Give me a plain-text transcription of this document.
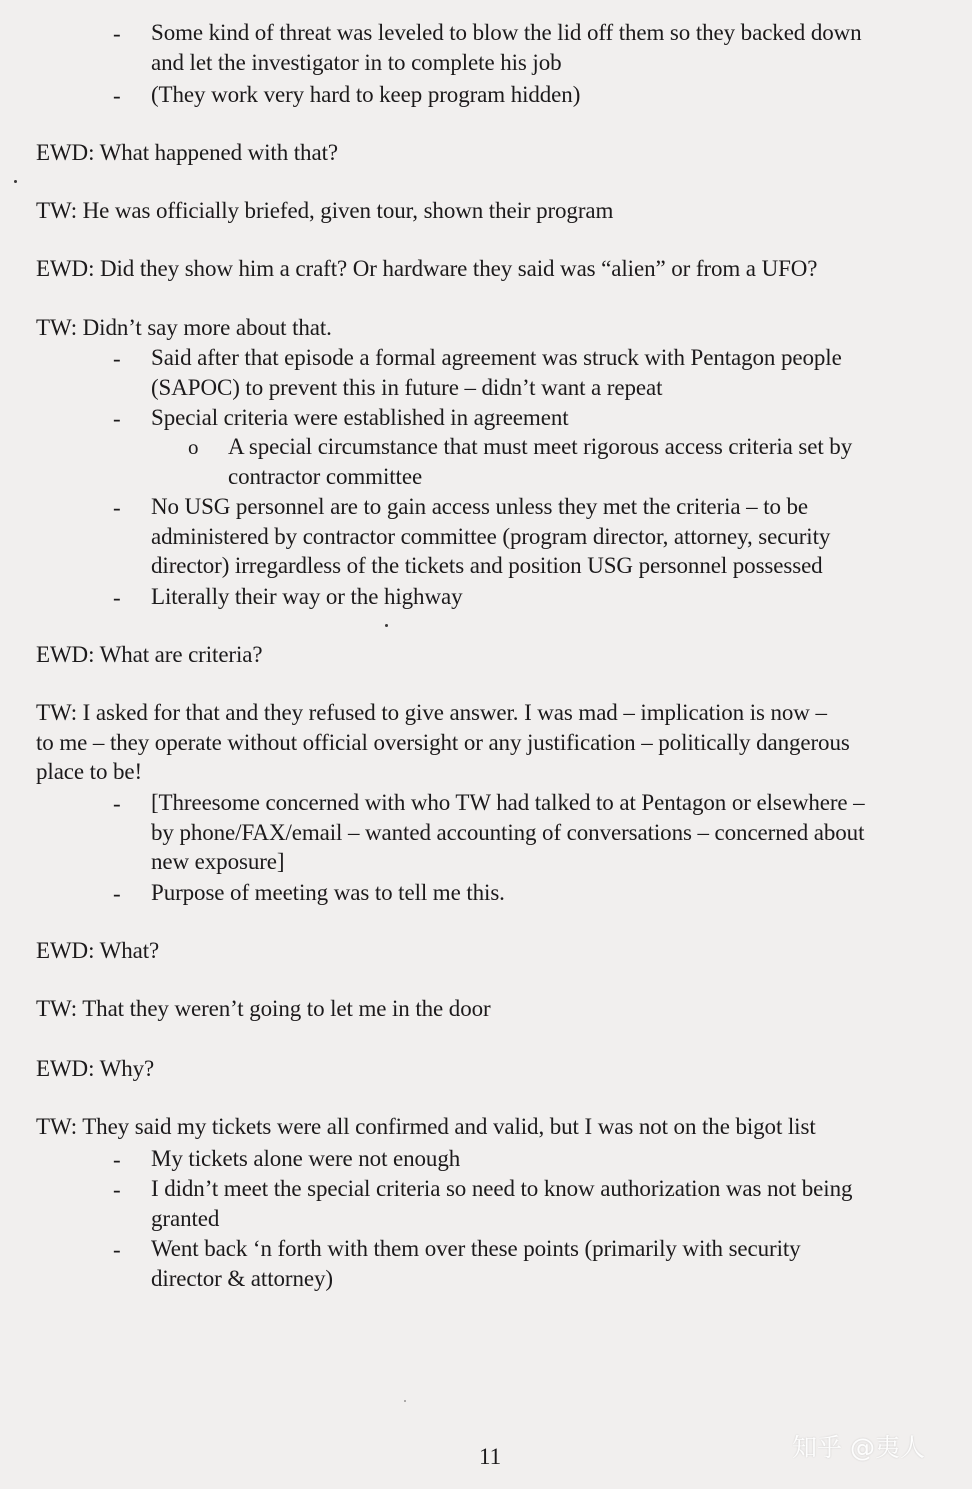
- Some kind of threat was leveled to blow the lid off them so they backed down
and let the investigator in to complete his job
- (They work very hard to keep program hidden)
EWD: What happened with that?
TW: He was officially briefed, given tour, shown their program
EWD: Did they show him a craft? Or hardware they said was “alien” or from a UFO?
TW: Didn’t say more about that.
- Said after that episode a formal agreement was struck with Pentagon people
(SAPOC) to prevent this in future – didn’t want a repeat
- Special criteria were established in agreement
o A special circumstance that must meet rigorous access criteria set by
contractor committee
- No USG personnel are to gain access unless they met the criteria – to be
administered by contractor committee (program director, attorney, security
director) irregardless of the tickets and position USG personnel possessed
- Literally their way or the highway
EWD: What are criteria?
TW: I asked for that and they refused to give answer. I was mad – implication is now –
to me – they operate without official oversight or any justification – politically dangerous
place to be!
- [Threesome concerned with who TW had talked to at Pentagon or elsewhere –
by phone/FAX/email – wanted accounting of conversations – concerned about
new exposure]
- Purpose of meeting was to tell me this.
EWD: What?
TW: That they weren’t going to let me in the door
EWD: Why?
TW: They said my tickets were all confirmed and valid, but I was not on the bigot list
- My tickets alone were not enough
- I didn’t meet the special criteria so need to know authorization was not being
granted
- Went back ‘n forth with them over these points (primarily with security
director & attorney)
11	知乎 @夷人
